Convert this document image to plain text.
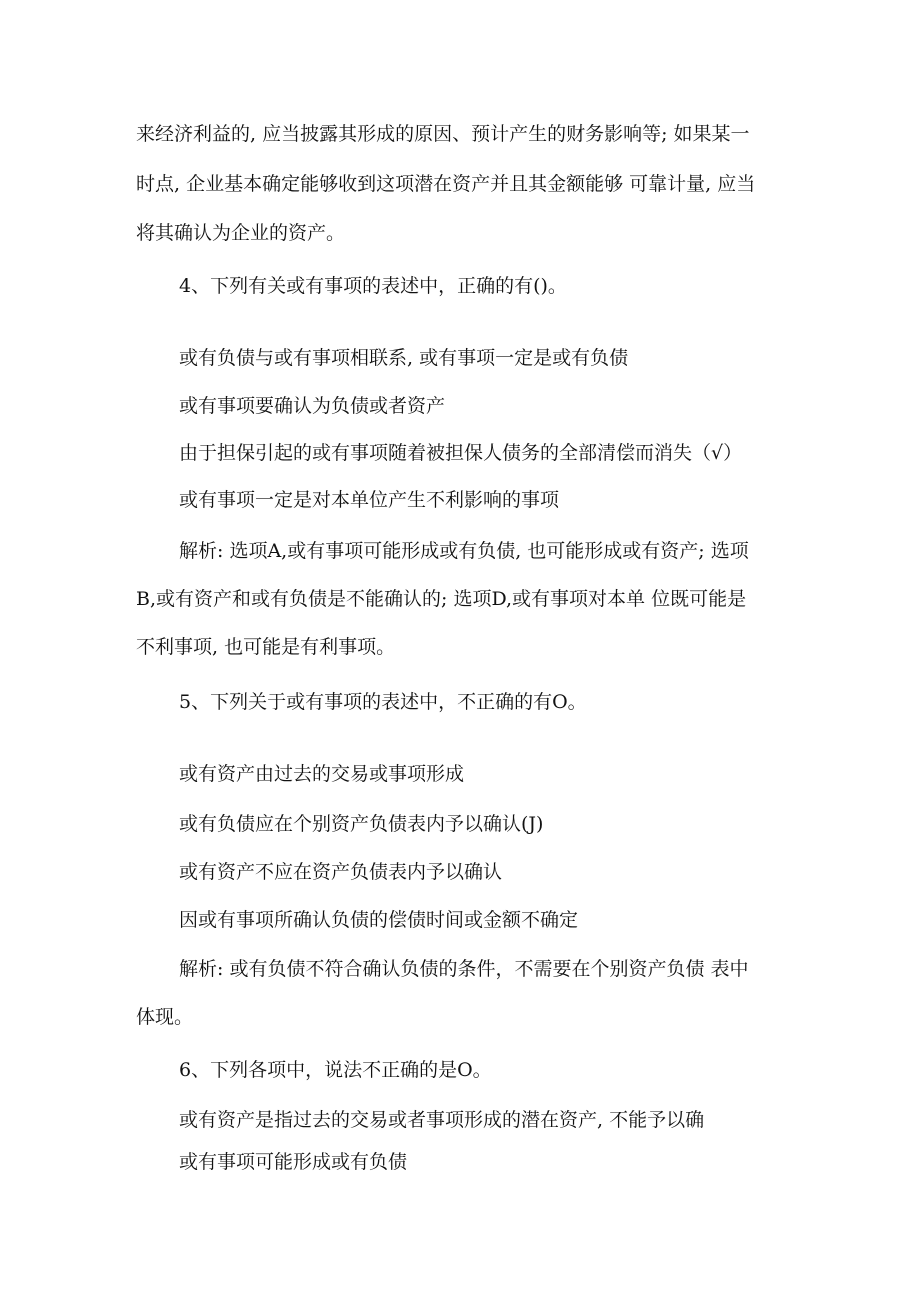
来经济利益的, 应当披露其形成的原因、预计产生的财务影响等; 如果某一

时点, 企业基本确定能够收到这项潜在资产并且其金额能够 可靠计量, 应当

将其确认为企业的资产。

4、下列有关或有事项的表述中，正确的有()。

或有负债与或有事项相联系, 或有事项一定是或有负债

或有事项要确认为负债或者资产

由于担保引起的或有事项随着被担保人债务的全部清偿而消失（√）

或有事项一定是对本单位产生不利影响的事项

解析: 选项A,或有事项可能形成或有负债, 也可能形成或有资产; 选项

B,或有资产和或有负债是不能确认的; 选项D,或有事项对本单 位既可能是

不利事项, 也可能是有利事项。

5、下列关于或有事项的表述中，不正确的有O。

或有资产由过去的交易或事项形成

或有负债应在个别资产负债表内予以确认(J)

或有资产不应在资产负债表内予以确认

因或有事项所确认负债的偿债时间或金额不确定

解析: 或有负债不符合确认负债的条件，不需要在个别资产负债 表中

体现。

6、下列各项中，说法不正确的是O。

或有资产是指过去的交易或者事项形成的潜在资产, 不能予以确

或有事项可能形成或有负债
